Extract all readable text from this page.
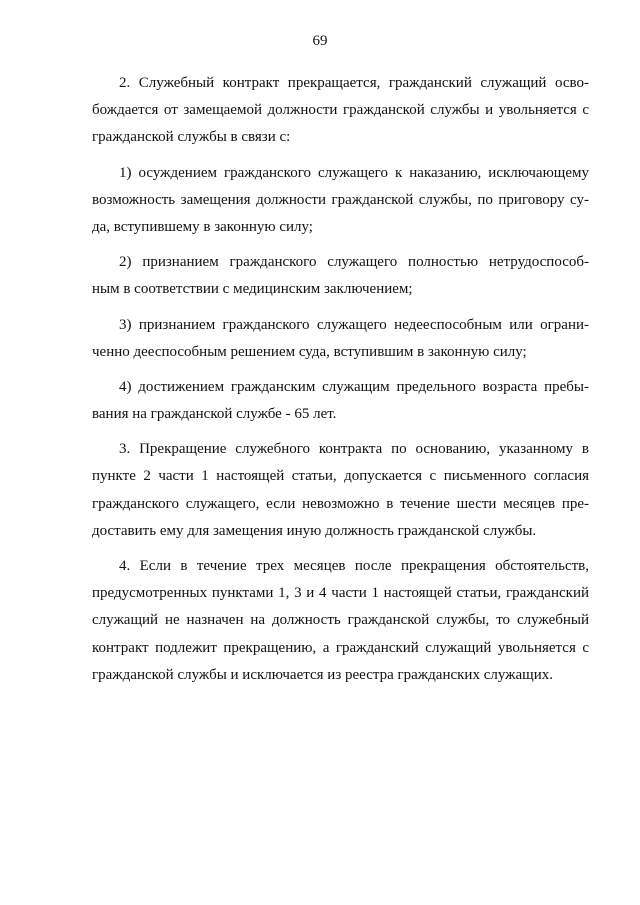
69
2. Служебный контракт прекращается, гражданский служащий осво-
бождается от замещаемой должности гражданской службы и увольняется с
гражданской службы в связи с:
1) осуждением гражданского служащего к наказанию, исключающему
возможность замещения должности гражданской службы, по приговору су-
да, вступившему в законную силу;
2) признанием гражданского служащего полностью нетрудоспособ-
ным в соответствии с медицинским заключением;
3) признанием гражданского служащего недееспособным или ограни-
ченно дееспособным решением суда, вступившим в законную силу;
4) достижением гражданским служащим предельного возраста пребы-
вания на гражданской службе - 65 лет.
3. Прекращение служебного контракта по основанию, указанному в
пункте 2 части 1 настоящей статьи, допускается с письменного согласия
гражданского служащего, если невозможно в течение шести месяцев пре-
доставить ему для замещения иную должность гражданской службы.
4. Если в течение трех месяцев после прекращения обстоятельств,
предусмотренных пунктами 1, 3 и 4 части 1 настоящей статьи, гражданский
служащий не назначен на должность гражданской службы, то служебный
контракт подлежит прекращению, а гражданский служащий увольняется с
гражданской службы и исключается из реестра гражданских служащих.
